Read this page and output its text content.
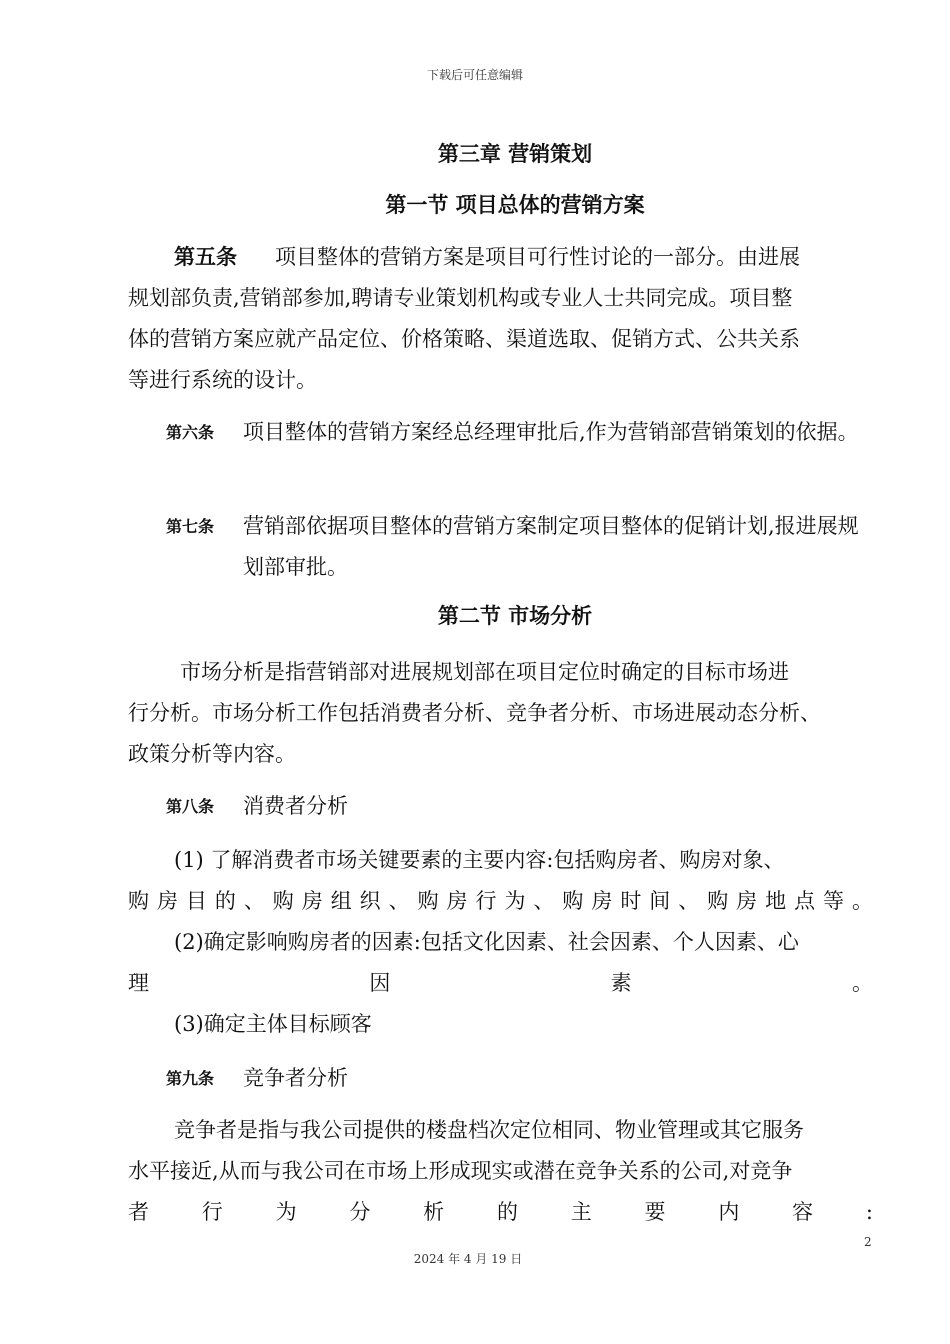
下载后可任意编辑
第三章 营销策划
第一节 项目总体的营销方案
第五条 项目整体的营销方案是项目可行性讨论的一部分。由进展
规划部负责,营销部参加,聘请专业策划机构或专业人士共同完成。项目整
体的营销方案应就产品定位、价格策略、渠道选取、促销方式、公共关系
等进行系统的设计。
第六条	项目整体的营销方案经总经理审批后,作为营销部营销策划的依据。
第七条	营销部依据项目整体的营销方案制定项目整体的促销计划,报进展规划部审批。
第二节 市场分析
市场分析是指营销部对进展规划部在项目定位时确定的目标市场进
行分析。市场分析工作包括消费者分析、竞争者分析、市场进展动态分析、
政策分析等内容。
第八条	消费者分析
(1) 了解消费者市场关键要素的主要内容:包括购房者、购房对象、
购房目的、购房组织、购房行为、购房时间、购房地点等。
(2)确定影响购房者的因素:包括文化因素、社会因素、个人因素、心
理因素。
(3)确定主体目标顾客
第九条	竞争者分析
竞争者是指与我公司提供的楼盘档次定位相同、物业管理或其它服务
水平接近,从而与我公司在市场上形成现实或潜在竞争关系的公司,对竞争
者行为分析的主要内容:
2
2024 年 4 月 19 日
